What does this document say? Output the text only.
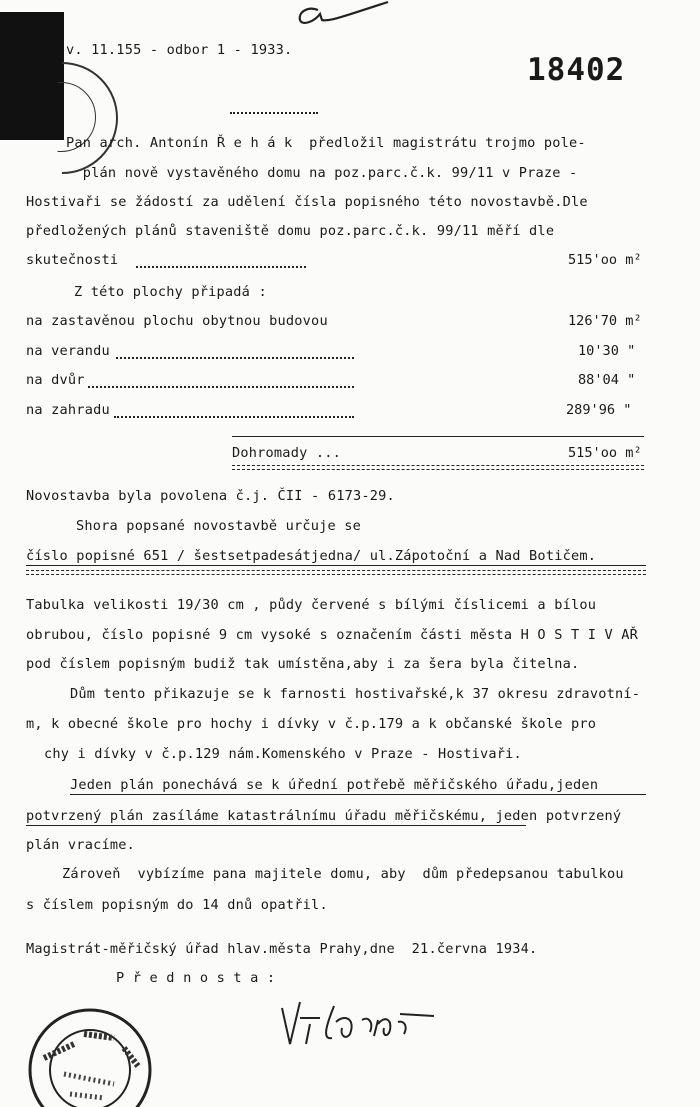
v. 11.155 - odbor 1 - 1933.
18402
Pan arch. Antonín Ř e h á k  předložil magistrátu trojmo pole-
plán nově vystavěného domu na poz.parc.č.k. 99/11 v Praze -
Hostivaři se žádostí za udělení čísla popisného této novostavbě.Dle
předložených plánů staveniště domu poz.parc.č.k. 99/11 měří dle
skutečnosti	515'oo m²
Z této plochy připadá :
na zastavěnou plochu obytnou budovou	126'70 m²
na verandu	10'30 "
na dvůr	88'04 "
na zahradu	289'96 "
Dohromady ...	515'oo m²
Novostavba byla povolena č.j. ČII - 6173-29.
Shora popsané novostavbě určuje se
číslo popisné 651 / šestsetpadesátjedna/ ul.Zápotoční a Nad Botičem.
Tabulka velikosti 19/30 cm , půdy červené s bílými číslicemi a bílou
obrubou, číslo popisné 9 cm vysoké s označením části města H O S T I V AŘ
pod číslem popisným budiž tak umístěna,aby i za šera byla čitelna.
Dům tento přikazuje se k farnosti hostivařské,k 37 okresu zdravotní-
m, k obecné škole pro hochy i dívky v č.p.179 a k občanské škole pro
chy i dívky v č.p.129 nám.Komenského v Praze - Hostivaři.
Jeden plán ponechává se k úřední potřebě měřičského úřadu,jeden
potvrzený plán zasíláme katastrálnímu úřadu měřičskému, jeden potvrzený
plán vracíme.
Zároveň  vybízíme pana majitele domu, aby  dům předepsanou tabulkou
s číslem popisným do 14 dnů opatřil.
Magistrát-měřičský úřad hlav.města Prahy,dne  21.června 1934.
P ř e d n o s t a :
